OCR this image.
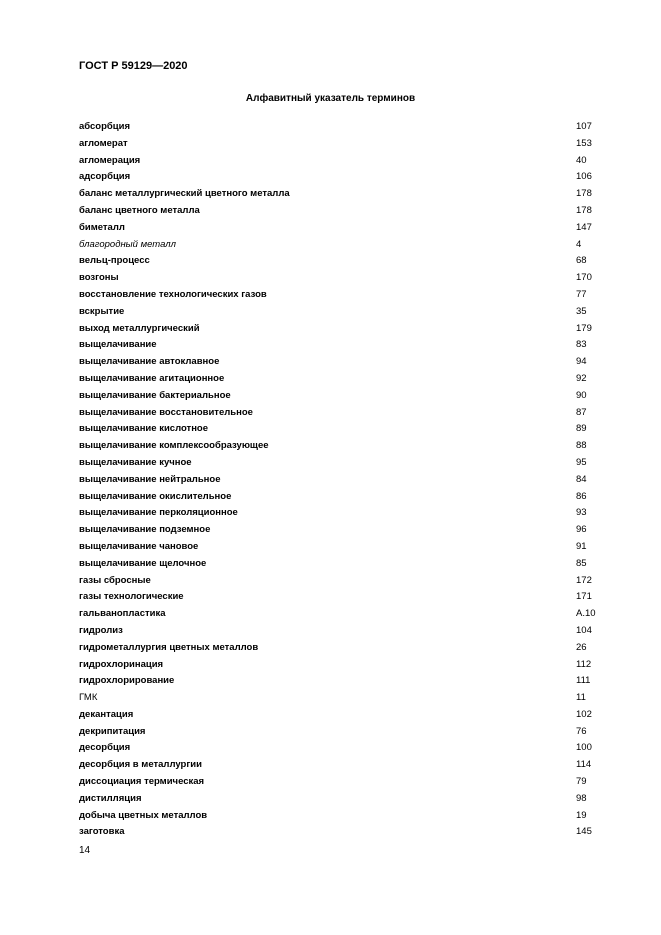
ГОСТ Р 59129—2020
Алфавитный указатель терминов
абсорбция	107
агломерат	153
агломерация	40
адсорбция	106
баланс металлургический цветного металла	178
баланс цветного металла	178
биметалл	147
благородный металл	4
вельц-процесс	68
возгоны	170
восстановление технологических газов	77
вскрытие	35
выход металлургический	179
выщелачивание	83
выщелачивание автоклавное	94
выщелачивание агитационное	92
выщелачивание бактериальное	90
выщелачивание восстановительное	87
выщелачивание кислотное	89
выщелачивание комплексообразующее	88
выщелачивание кучное	95
выщелачивание нейтральное	84
выщелачивание окислительное	86
выщелачивание перколяционное	93
выщелачивание подземное	96
выщелачивание чановое	91
выщелачивание щелочное	85
газы сбросные	172
газы технологические	171
гальванопластика	А.10
гидролиз	104
гидрометаллургия цветных металлов	26
гидрохлоринация	112
гидрохлорирование	111
ГМК	11
декантация	102
декрипитация	76
десорбция	100
десорбция в металлургии	114
диссоциация термическая	79
дистилляция	98
добыча цветных металлов	19
заготовка	145
14
